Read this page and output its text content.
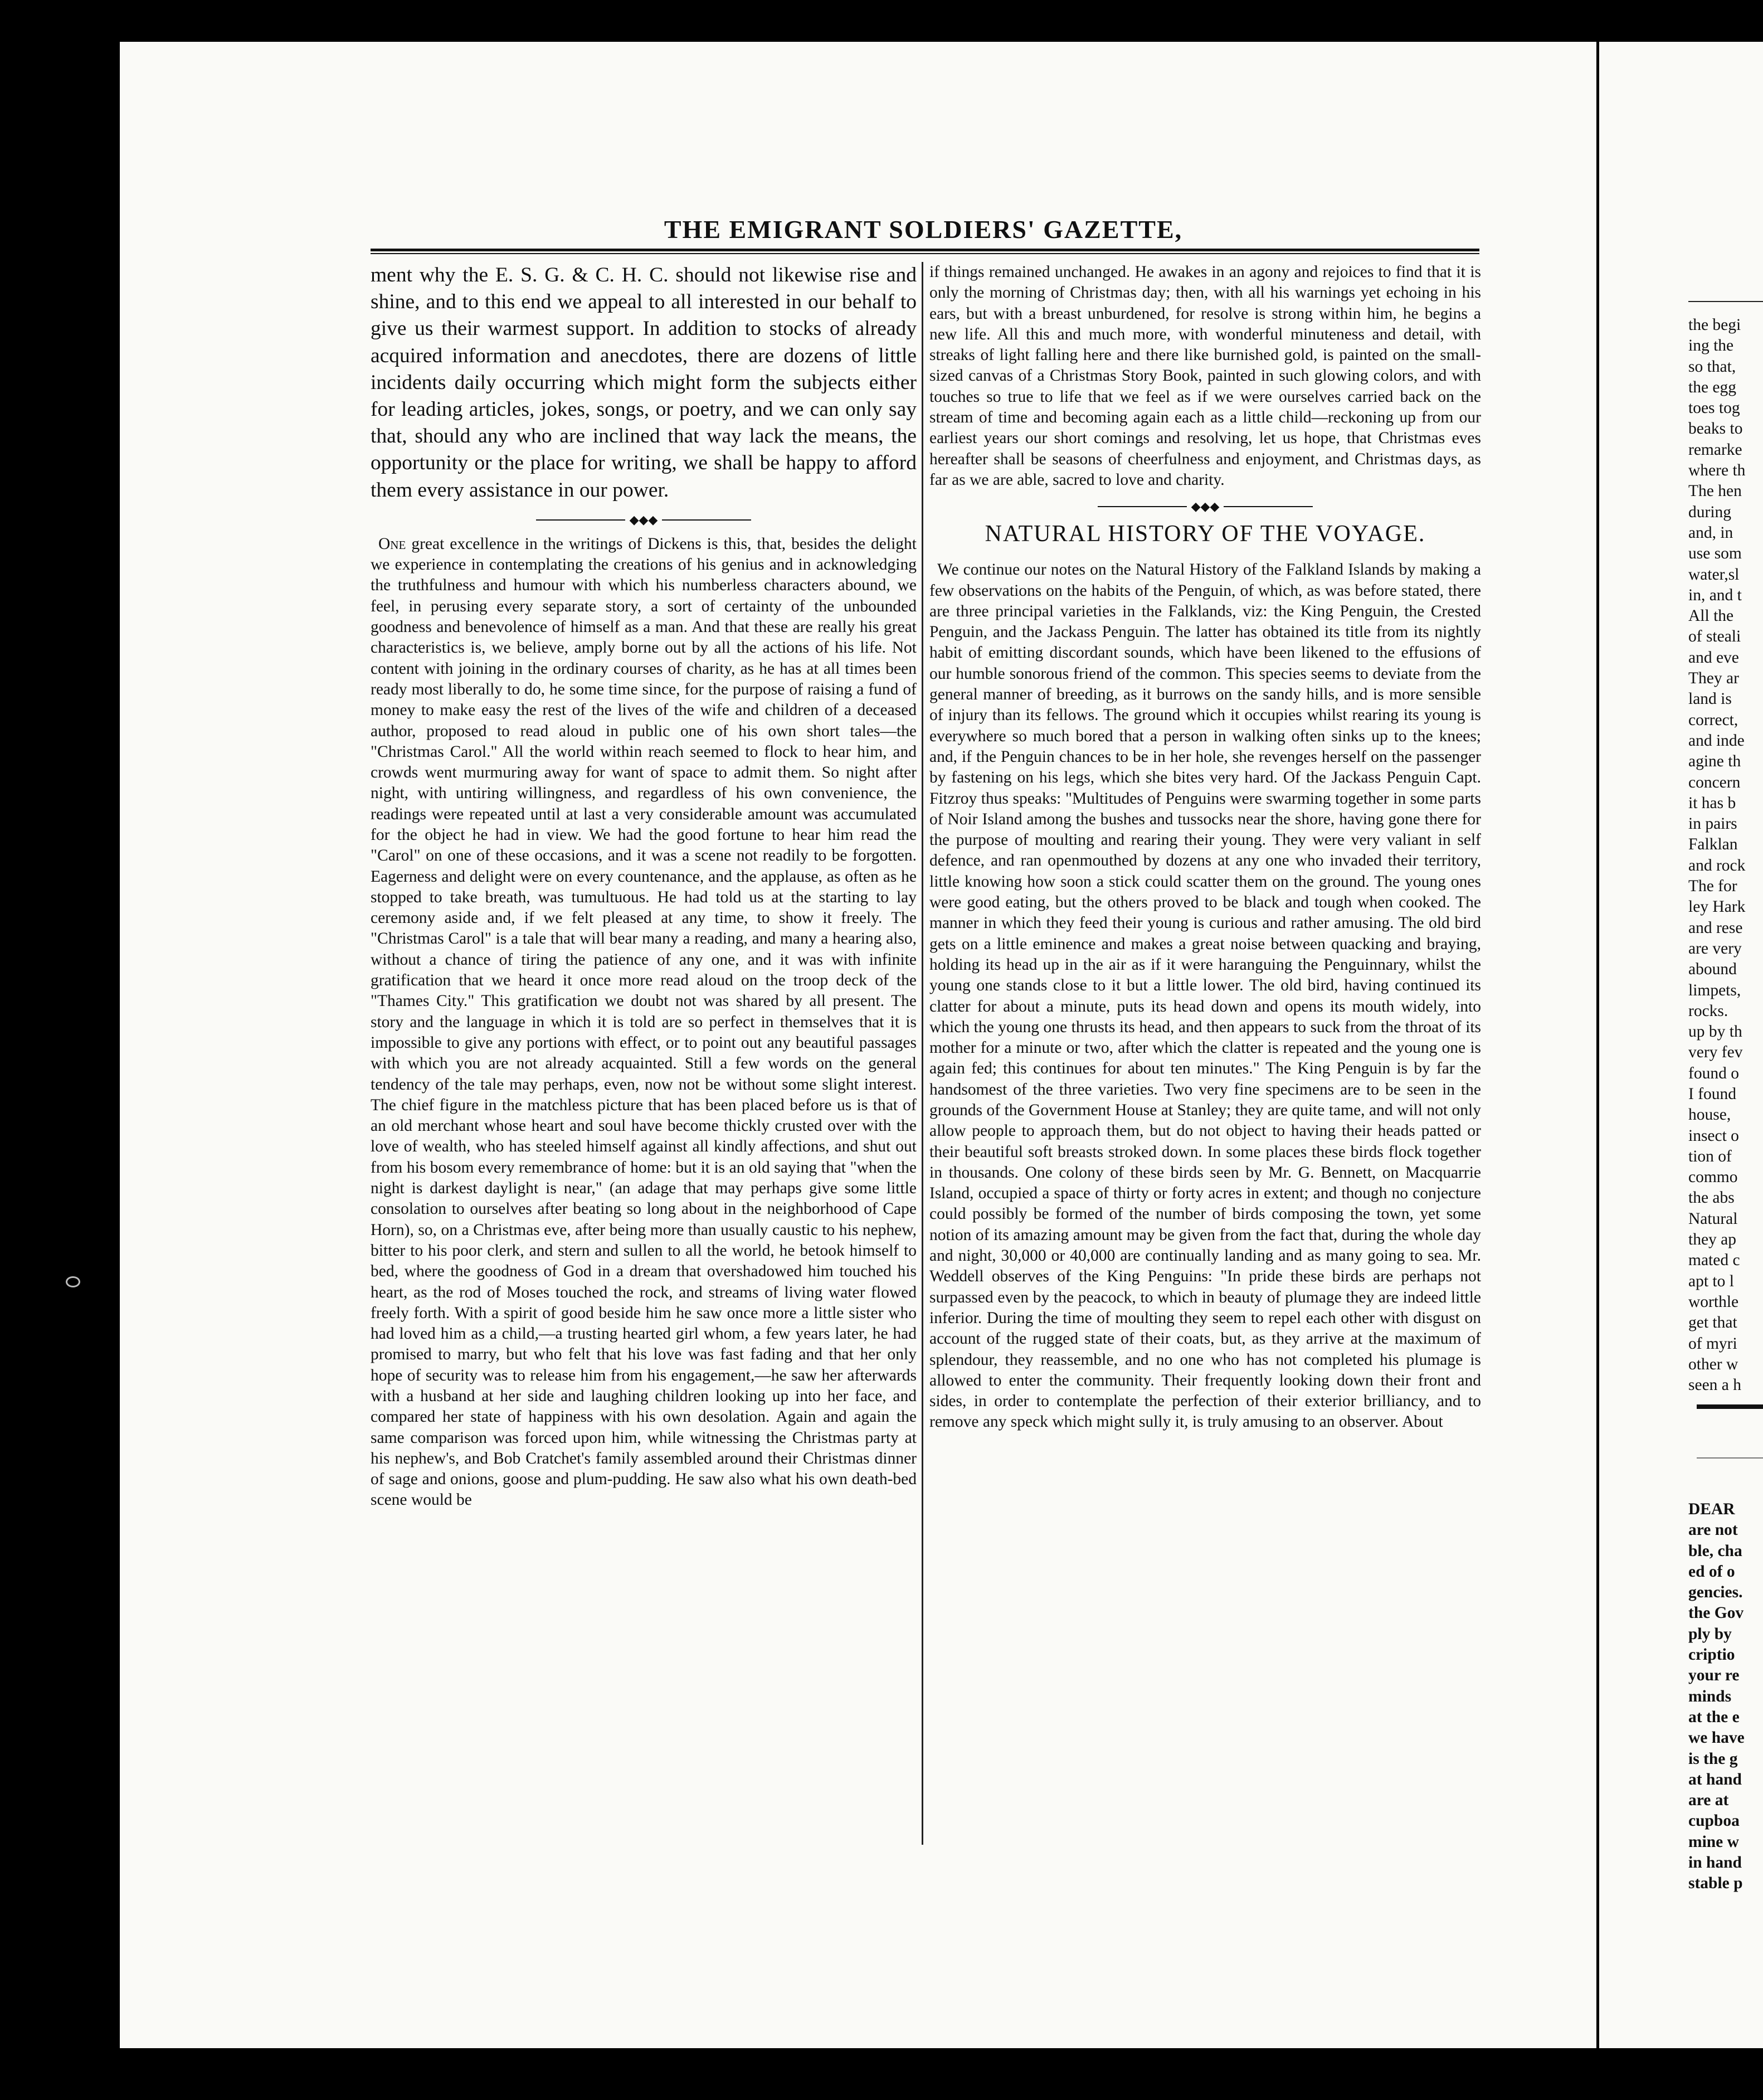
THE EMIGRANT SOLDIERS' GAZETTE,

ment why the E. S. G. & C. H. C. should not likewise rise and shine, and to this end we appeal to all interested in our behalf to give us their warmest support. In addition to stocks of already acquired information and anecdotes, there are dozens of little incidents daily occurring which might form the subjects either for leading articles, jokes, songs, or poetry, and we can only say that, should any who are inclined that way lack the means, the opportunity or the place for writing, we shall be happy to afford them every assistance in our power.

◆◆◆

One great excellence in the writings of Dickens is this, that, besides the delight we experience in contemplating the creations of his genius and in acknowledging the truthfulness and humour with which his numberless characters abound, we feel, in perusing every separate story, a sort of certainty of the unbounded goodness and benevolence of himself as a man. And that these are really his great characteristics is, we believe, amply borne out by all the actions of his life. Not content with joining in the ordinary courses of charity, as he has at all times been ready most liberally to do, he some time since, for the purpose of raising a fund of money to make easy the rest of the lives of the wife and children of a deceased author, proposed to read aloud in public one of his own short tales—the "Christmas Carol." All the world within reach seemed to flock to hear him, and crowds went murmuring away for want of space to admit them. So night after night, with untiring willingness, and regardless of his own convenience, the readings were repeated until at last a very considerable amount was accumulated for the object he had in view. We had the good fortune to hear him read the "Carol" on one of these occasions, and it was a scene not readily to be forgotten. Eagerness and delight were on every countenance, and the applause, as often as he stopped to take breath, was tumultuous. He had told us at the starting to lay ceremony aside and, if we felt pleased at any time, to show it freely. The "Christmas Carol" is a tale that will bear many a reading, and many a hearing also, without a chance of tiring the patience of any one, and it was with infinite gratification that we heard it once more read aloud on the troop deck of the "Thames City." This gratification we doubt not was shared by all present. The story and the language in which it is told are so perfect in themselves that it is impossible to give any portions with effect, or to point out any beautiful passages with which you are not already acquainted. Still a few words on the general tendency of the tale may perhaps, even, now not be without some slight interest. The chief figure in the matchless picture that has been placed before us is that of an old merchant whose heart and soul have become thickly crusted over with the love of wealth, who has steeled himself against all kindly affections, and shut out from his bosom every remembrance of home: but it is an old saying that "when the night is darkest daylight is near," (an adage that may perhaps give some little consolation to ourselves after beating so long about in the neighborhood of Cape Horn), so, on a Christmas eve, after being more than usually caustic to his nephew, bitter to his poor clerk, and stern and sullen to all the world, he betook himself to bed, where the goodness of God in a dream that overshadowed him touched his heart, as the rod of Moses touched the rock, and streams of living water flowed freely forth. With a spirit of good beside him he saw once more a little sister who had loved him as a child,—a trusting hearted girl whom, a few years later, he had promised to marry, but who felt that his love was fast fading and that her only hope of security was to release him from his engagement,—he saw her afterwards with a husband at her side and laughing children looking up into her face, and compared her state of happiness with his own desolation. Again and again the same comparison was forced upon him, while witnessing the Christmas party at his nephew's, and Bob Cratchet's family assembled around their Christmas dinner of sage and onions, goose and plum-pudding. He saw also what his own death-bed scene would be

if things remained unchanged. He awakes in an agony and rejoices to find that it is only the morning of Christmas day; then, with all his warnings yet echoing in his ears, but with a breast unburdened, for resolve is strong within him, he begins a new life. All this and much more, with wonderful minuteness and detail, with streaks of light falling here and there like burnished gold, is painted on the small-sized canvas of a Christmas Story Book, painted in such glowing colors, and with touches so true to life that we feel as if we were ourselves carried back on the stream of time and becoming again each as a little child—reckoning up from our earliest years our short comings and resolving, let us hope, that Christmas eves hereafter shall be seasons of cheerfulness and enjoyment, and Christmas days, as far as we are able, sacred to love and charity.

◆◆◆
NATURAL HISTORY OF THE VOYAGE.

We continue our notes on the Natural History of the Falkland Islands by making a few observations on the habits of the Penguin, of which, as was before stated, there are three principal varieties in the Falklands, viz: the King Penguin, the Crested Penguin, and the Jackass Penguin. The latter has obtained its title from its nightly habit of emitting discordant sounds, which have been likened to the effusions of our humble sonorous friend of the common. This species seems to deviate from the general manner of breeding, as it burrows on the sandy hills, and is more sensible of injury than its fellows. The ground which it occupies whilst rearing its young is everywhere so much bored that a person in walking often sinks up to the knees; and, if the Penguin chances to be in her hole, she revenges herself on the passenger by fastening on his legs, which she bites very hard. Of the Jackass Penguin Capt. Fitzroy thus speaks: "Multitudes of Penguins were swarming together in some parts of Noir Island among the bushes and tussocks near the shore, having gone there for the purpose of moulting and rearing their young. They were very valiant in self defence, and ran openmouthed by dozens at any one who invaded their territory, little knowing how soon a stick could scatter them on the ground. The young ones were good eating, but the others proved to be black and tough when cooked. The manner in which they feed their young is curious and rather amusing. The old bird gets on a little eminence and makes a great noise between quacking and braying, holding its head up in the air as if it were haranguing the Penguinnary, whilst the young one stands close to it but a little lower. The old bird, having continued its clatter for about a minute, puts its head down and opens its mouth widely, into which the young one thrusts its head, and then appears to suck from the throat of its mother for a minute or two, after which the clatter is repeated and the young one is again fed; this continues for about ten minutes." The King Penguin is by far the handsomest of the three varieties. Two very fine specimens are to be seen in the grounds of the Government House at Stanley; they are quite tame, and will not only allow people to approach them, but do not object to having their heads patted or their beautiful soft breasts stroked down. In some places these birds flock together in thousands. One colony of these birds seen by Mr. G. Bennett, on Macquarrie Island, occupied a space of thirty or forty acres in extent; and though no conjecture could possibly be formed of the number of birds composing the town, yet some notion of its amazing amount may be given from the fact that, during the whole day and night, 30,000 or 40,000 are continually landing and as many going to sea. Mr. Weddell observes of the King Penguins: "In pride these birds are perhaps not surpassed even by the peacock, to which in beauty of plumage they are indeed little inferior. During the time of moulting they seem to repel each other with disgust on account of the rugged state of their coats, but, as they arrive at the maximum of splendour, they reassemble, and no one who has not completed his plumage is allowed to enter the community. Their frequently looking down their front and sides, in order to contemplate the perfection of their exterior brilliancy, and to remove any speck which might sully it, is truly amusing to an observer. About

the begi
ing the
so that,
the egg
toes tog
beaks to
remarke
where th
The hen
during
and, in
use som
water,sl
in, and t
All the
of steali
and eve
They ar
land is
correct,
and inde
agine th
concern
it has b
in pairs
Falklan
and rock
The for
ley Hark
and rese
are very
abound
limpets,
rocks.
up by th
very fev
found o
I found
house,
insect o
tion of
commo
the abs
Natural
they ap
mated c
apt to l
worthle
get that
of myri
other w
seen a h
DEAR
are not
ble, cha
ed of o
gencies.
the Gov
ply by
criptio
your re
minds
at the e
we have
is the g
at hand
are at
cupboa
mine w
in hand
stable p
